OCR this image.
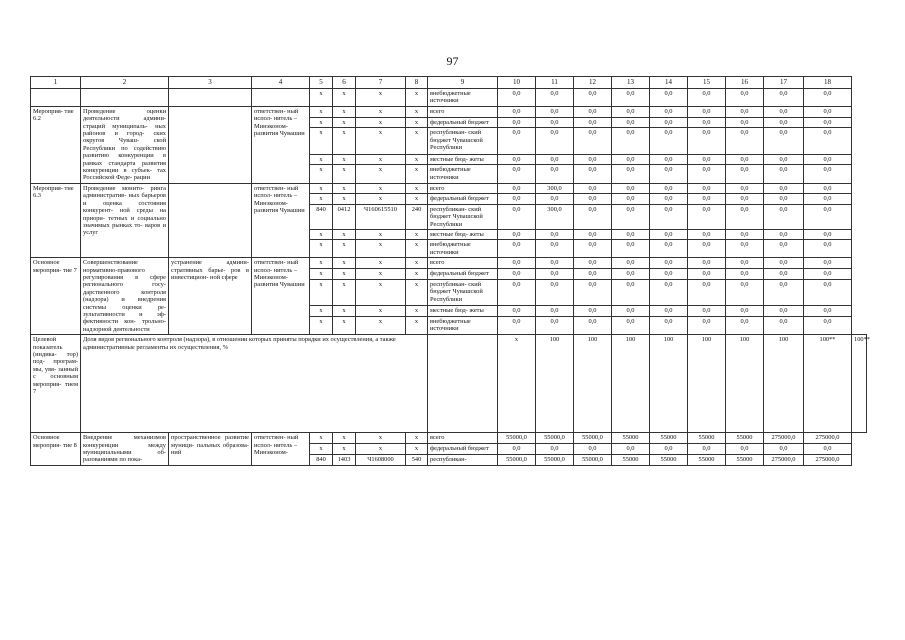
97
1	2	3	4	5	6	7	8	9	10	11	12	13	14	15	16	17	18	
				x	x	x	x	внебюджетные источники	0,0	0,0	0,0	0,0	0,0	0,0	0,0	0,0	0,0	
Мероприя- тие 6.2	Проведение оценки деятельности админи- страций муниципаль- ных районов и город- ских округов Чуваш- ской Республики по содействию развитию конкуренции в рамках стандарта развития конкуренции в субъек- тах Российской Феде- рации		ответствен- ный испол- нитель – Минэконом- развития Чувашии	x	x	x	x	всего	0,0	0,0	0,0	0,0	0,0	0,0	0,0	0,0	0,0	
				x	x	x	x	федеральный бюджет	0,0	0,0	0,0	0,0	0,0	0,0	0,0	0,0	0,0	
				x	x	x	x	республикан- ский бюджет Чувашской Республики	0,0	0,0	0,0	0,0	0,0	0,0	0,0	0,0	0,0	
				x	x	x	x	местные бюд- жеты	0,0	0,0	0,0	0,0	0,0	0,0	0,0	0,0	0,0	
				x	x	x	x	внебюджетные источники	0,0	0,0	0,0	0,0	0,0	0,0	0,0	0,0	0,0	
Мероприя- тие 6.3	Проведение монито- ринга административ- ных барьеров и оценка состояния конкурент- ной среды на приори- тетных и социально значимых рынках то- варов и услуг		ответствен- ный испол- нитель – Минэконом- развития Чувашии	x	x	x	x	всего	0,0	300,0	0,0	0,0	0,0	0,0	0,0	0,0	0,0	
				x	x	x	x	федеральный бюджет	0,0	0,0	0,0	0,0	0,0	0,0	0,0	0,0	0,0	
				840	0412	Ч160615510	240	республикан- ский бюджет Чувашской Республики	0,0	300,0	0,0	0,0	0,0	0,0	0,0	0,0	0,0	
				x	x	x	x	местные бюд- жеты	0,0	0,0	0,0	0,0	0,0	0,0	0,0	0,0	0,0	
				x	x	x	x	внебюджетные источники	0,0	0,0	0,0	0,0	0,0	0,0	0,0	0,0	0,0	
Основное мероприя- тие 7	Совершенствование нормативно-правового регулирования в сфере регионального госу- дарственного контроля (надзора) и внедрения системы оценки ре- зультативности и эф- фективности кон- трольно-надзорной деятельности	устранение админи- стративных барье- ров в инвестицион- ной сфере	ответствен- ный испол- нитель – Минэконом- развития Чувашии	x	x	x	x	всего	0,0	0,0	0,0	0,0	0,0	0,0	0,0	0,0	0,0	
				x	x	x	x	федеральный бюджет	0,0	0,0	0,0	0,0	0,0	0,0	0,0	0,0	0,0	
				x	x	x	x	республикан- ский бюджет Чувашской Республики	0,0	0,0	0,0	0,0	0,0	0,0	0,0	0,0	0,0	
				x	x	x	x	местные бюд- жеты	0,0	0,0	0,0	0,0	0,0	0,0	0,0	0,0	0,0	
				x	x	x	x	внебюджетные источники	0,0	0,0	0,0	0,0	0,0	0,0	0,0	0,0	0,0	
Целевой показатель (индика- тор) под- програм- мы, увя- занный с основным мероприя- тием 7	Доля видов регионального контроля (надзора), в отношении которых приняты порядки их осуществления, а также административные регламенты их осуществления, %								x	100	100	100	100	100	100	100	100**	100**
Основное мероприя- тие 8	Внедрение механизмов конкуренции между муниципальными об- разованиями по пока-	пространственное развитие муници- пальных образова- ний	ответствен- ный испол- нитель – Минэконом-	x	x	x	x	всего	55000,0	55000,0	55000,0	55000	55000	55000	55000	275000,0	275000,0	
				x	x	x	x	федеральный бюджет	0,0	0,0	0,0	0,0	0,0	0,0	0,0	0,0	0,0	
				840	1403	Ч1608000	540	республикан-	55000,0	55000,0	55000,0	55000	55000	55000	55000	275000,0	275000,0	
